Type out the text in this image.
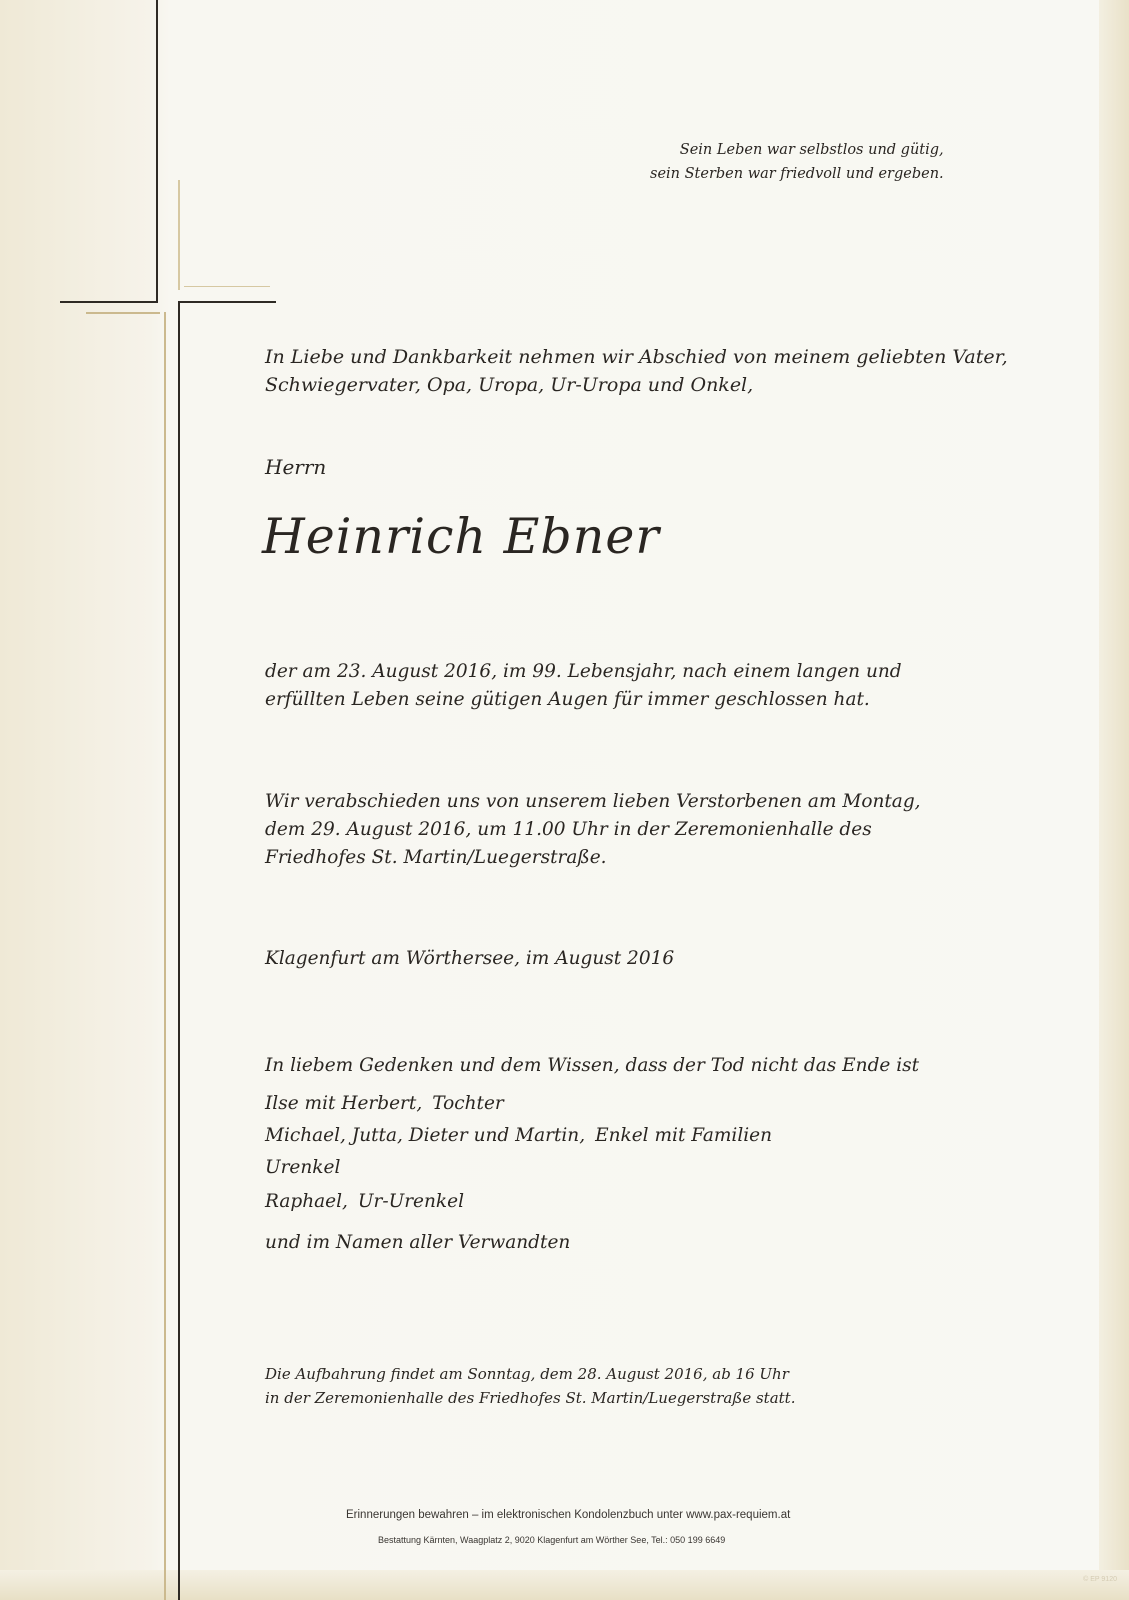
Sein Leben war selbstlos und gütig,
sein Sterben war friedvoll und ergeben.
In Liebe und Dankbarkeit nehmen wir Abschied von meinem geliebten Vater,
Schwiegervater, Opa, Uropa, Ur-Uropa und Onkel,
Herrn
Heinrich Ebner
der am 23. August 2016, im 99. Lebensjahr, nach einem langen und
erfüllten Leben seine gütigen Augen für immer geschlossen hat.
Wir verabschieden uns von unserem lieben Verstorbenen am Montag,
dem 29. August 2016, um 11.00 Uhr in der Zeremonienhalle des
Friedhofes St. Martin/Luegerstraße.
Klagenfurt am Wörthersee, im August 2016
In liebem Gedenken und dem Wissen, dass der Tod nicht das Ende ist
Ilse mit Herbert, Tochter
Michael, Jutta, Dieter und Martin, Enkel mit Familien
Urenkel
Raphael, Ur-Urenkel
und im Namen aller Verwandten
Die Aufbahrung findet am Sonntag, dem 28. August 2016, ab 16 Uhr
in der Zeremonienhalle des Friedhofes St. Martin/Luegerstraße statt.
Erinnerungen bewahren – im elektronischen Kondolenzbuch unter www.pax-requiem.at
Bestattung Kärnten, Waagplatz 2, 9020 Klagenfurt am Wörther See, Tel.: 050 199 6649
© EP 9120
